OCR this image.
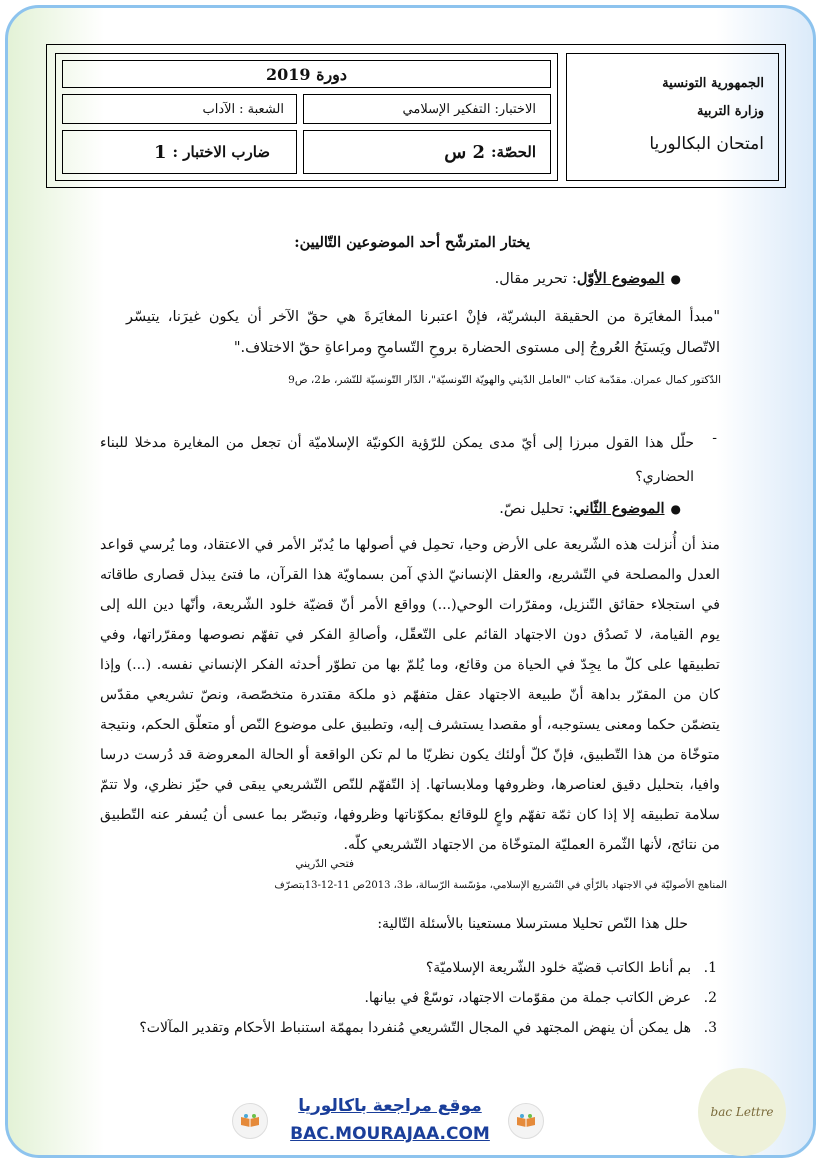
دورة 2019
الشعبة :
الآداب	الاختبار:
التفكير الإسلامي
ضارب الاختبار :
1	الحصّة:
2 س
الجمهورية التونسية
وزارة التربية
امتحان البكالوريا
يختار المترشّح أحد الموضوعين التّاليين:
●
الموضوع الأوّل: تحرير مقال.
"مبدأ المغايَرة من الحقيقة البشريّة، فإنْ اعتبرنا المغايَرةَ هي حقّ الآخر أن يكون غيرَنا، يتيسّر الاتّصال ويَسنَحُ العُروجُ إلى مستوى الحضارة بروحِ التّسامحِ ومراعاةِ حقّ الاختلاف."
الدّكتور كمال عمران. مقدّمة كتاب "العامل الدّيني والهويّة التّونسيّة"، الدّار التّونسيّة للنّشر، ط2، ص9
-
حلّل هذا القول مبرزا إلى أيّ مدى يمكن للرّؤية الكونيّة الإسلاميّة أن تجعل من المغايرة مدخلا للبناء الحضاري؟
●
الموضوع الثّاني: تحليل نصّ.
منذ أن أُنزلت هذه الشّريعة على الأرض وحيا، تحمِل في أصولها ما يُدبّر الأمر في الاعتقاد، وما يُرسي قواعد العدل والمصلحة في التّشريع، والعقل الإنسانيّ الذي آمن بسماويّة هذا القرآن، ما فتئ يبذل قصارى طاقاته في استجلاء حقائق التّنزيل، ومقرّرات الوحي(...) وواقع الأمر أنّ قضيّة خلود الشّريعة، وأنّها دين الله إلى يوم القيامة، لا تَصدُق دون الاجتهاد القائم على التّعقّل، وأصالةِ الفكر في تفهّم نصوصها ومقرّراتها، وفي تطبيقها على كلّ ما يجِدّ في الحياة من وقائع، وما يُلمّ بها من تطوّر أحدثه الفكر الإنساني نفسه. (...) وإذا كان من المقرّر بداهة أنّ طبيعة الاجتهاد عقل متفهّم ذو ملكة مقتدرة متخصّصة، ونصّ تشريعي مقدّس يتضمّن حكما ومعنى يستوجبه، أو مقصدا يستشرف إليه، وتطبيق على موضوع النّص أو متعلّق الحكم، ونتيجة متوخّاة من هذا التّطبيق، فإنّ كلّ أولئك يكون نظريّا ما لم تكن الواقعة أو الحالة المعروضة قد دُرست درسا وافيا، بتحليل دقيق لعناصرها، وظروفها وملابساتها. إذ التّفهّم للنّص التّشريعي يبقى في حيّز نظري، ولا تتمّ سلامة تطبيقه إلا إذا كان ثمّة تفهّم واعٍ للوقائع بمكوّناتها وظروفها، وتبصّر بما عسى أن يُسفر عنه التّطبيق من نتائج، لأنها الثّمرة العمليّة المتوخّاة من الاجتهاد التّشريعي كلّه.
فتحي الدّريني
المناهج الأصوليّة في الاجتهاد بالرّأي في التّشريع الإسلامي، مؤسّسة الرّسالة، ط3، 2013ص 11-12-13بتصرّف
حلل هذا النّص تحليلا مسترسلا مستعينا بالأسئلة التّالية:
1.
بم أناط الكاتب قضيّة خلود الشّريعة الإسلاميّة؟
2.
عرض الكاتب جملة من مقوّمات الاجتهاد، توسّعْ في بيانها.
3.
هل يمكن أن ينهض المجتهد في المجال التّشريعي مُنفردا بمهمّة استنباط الأحكام وتقدير المآلات؟
موقع مراجعة باكالوريا
BAC.MOURAJAA.COM
bac Lettre
